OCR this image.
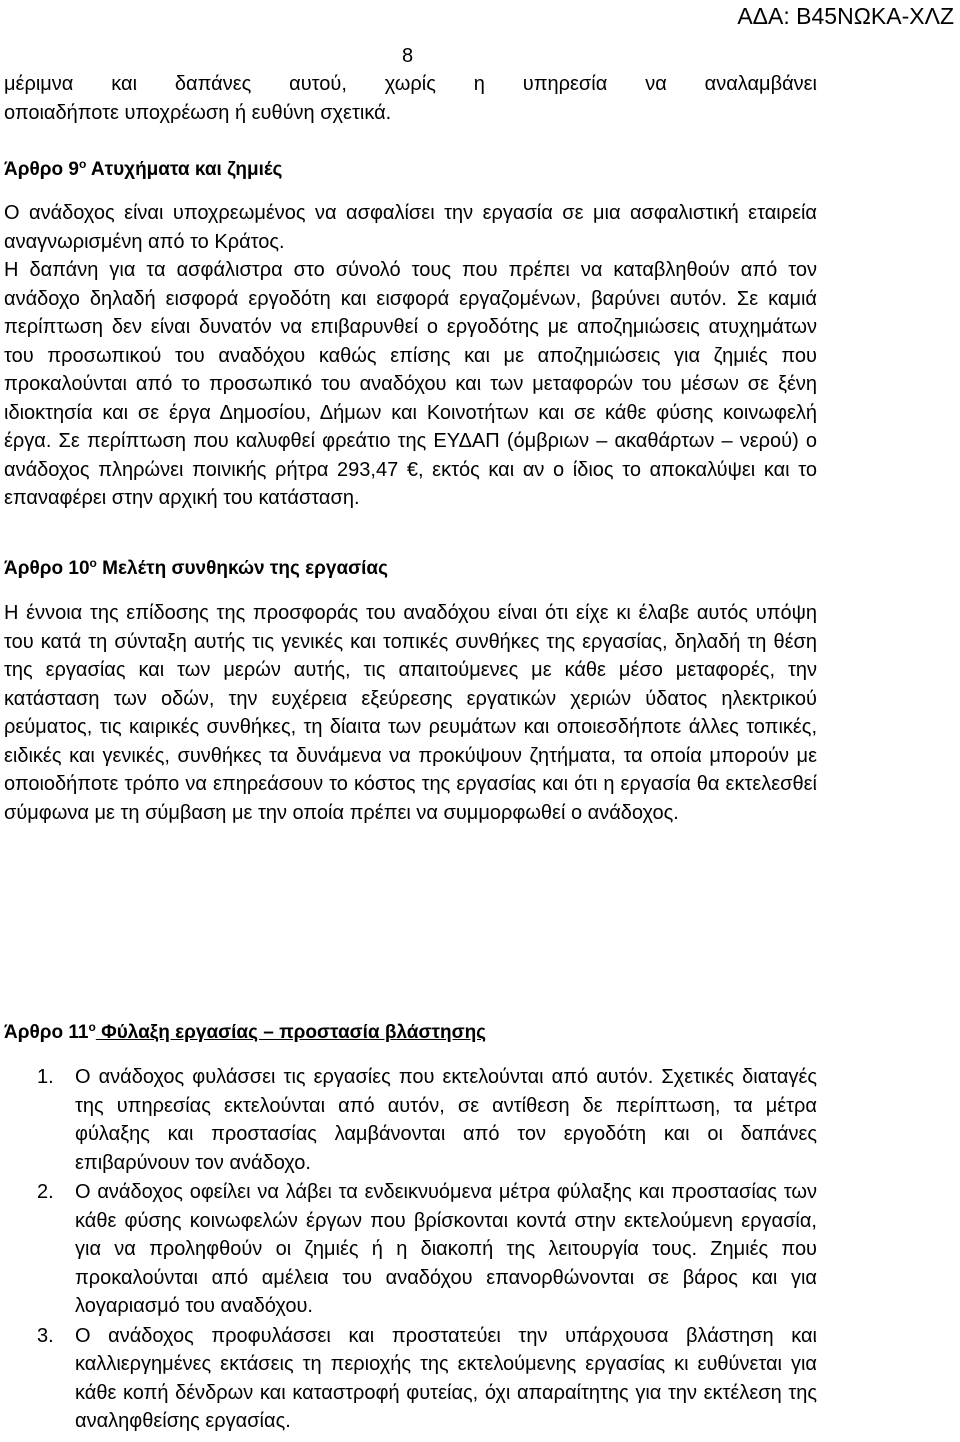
ΑΔΑ: Β45ΝΩΚΑ-ΧΛΖ
8
μέριμνα και δαπάνες αυτού, χωρίς η υπηρεσία να αναλαμβάνει
οποιαδήποτε υποχρέωση ή ευθύνη σχετικά.
Άρθρο $9^o$ Ατυχήματα και ζημιές
Ο ανάδοχος είναι υποχρεωμένος να ασφαλίσει την εργασία σε μια ασφαλιστική εταιρεία αναγνωρισμένη από το Κράτος.
Η δαπάνη για τα ασφάλιστρα στο σύνολό τους που πρέπει να καταβληθούν από τον ανάδοχο δηλαδή εισφορά εργοδότη και εισφορά εργαζομένων, βαρύνει αυτόν. Σε καμιά περίπτωση δεν είναι δυνατόν να επιβαρυνθεί ο εργοδότης με αποζημιώσεις ατυχημάτων του προσωπικού του αναδόχου καθώς επίσης και με αποζημιώσεις για ζημιές που προκαλούνται από το προσωπικό του αναδόχου και των μεταφορών του μέσων σε ξένη ιδιοκτησία και σε έργα Δημοσίου, Δήμων και Κοινοτήτων και σε κάθε φύσης κοινωφελή έργα. Σε περίπτωση που καλυφθεί φρεάτιο της ΕΥΔΑΠ (όμβριων – ακαθάρτων – νερού) ο ανάδοχος πληρώνει ποινικής ρήτρα 293,47 €, εκτός και αν ο ίδιος το αποκαλύψει και το επαναφέρει στην αρχική του κατάσταση.
Άρθρο $10^o$ Μελέτη συνθηκών της εργασίας
Η έννοια της επίδοσης της προσφοράς του αναδόχου είναι ότι είχε κι έλαβε αυτός υπόψη του κατά τη σύνταξη αυτής τις γενικές και τοπικές συνθήκες της εργασίας, δηλαδή τη θέση της εργασίας και των μερών αυτής, τις απαιτούμενες με κάθε μέσο μεταφορές, την κατάσταση των οδών, την ευχέρεια εξεύρεσης εργατικών χεριών ύδατος ηλεκτρικού ρεύματος, τις καιρικές συνθήκες, τη δίαιτα των ρευμάτων και οποιεσδήποτε άλλες τοπικές, ειδικές και γενικές, συνθήκες τα δυνάμενα να προκύψουν ζητήματα, τα οποία μπορούν με οποιοδήποτε τρόπο να επηρεάσουν το κόστος της εργασίας και ότι η εργασία θα εκτελεσθεί σύμφωνα με τη σύμβαση με την οποία πρέπει να συμμορφωθεί ο ανάδοχος.
Άρθρο $11^o$ Φύλαξη εργασίας – προστασία βλάστησης
1. Ο ανάδοχος φυλάσσει τις εργασίες που εκτελούνται από αυτόν. Σχετικές διαταγές της υπηρεσίας εκτελούνται από αυτόν, σε αντίθεση δε περίπτωση, τα μέτρα φύλαξης και προστασίας λαμβάνονται από τον εργοδότη και οι δαπάνες επιβαρύνουν τον ανάδοχο.
2. Ο ανάδοχος οφείλει να λάβει τα ενδεικνυόμενα μέτρα φύλαξης και προστασίας των κάθε φύσης κοινωφελών έργων που βρίσκονται κοντά στην εκτελούμενη εργασία, για να προληφθούν οι ζημιές ή η διακοπή της λειτουργία τους. Ζημιές που προκαλούνται από αμέλεια του αναδόχου επανορθώνονται σε βάρος και για λογαριασμό του αναδόχου.
3. Ο ανάδοχος προφυλάσσει και προστατεύει την υπάρχουσα βλάστηση και καλλιεργημένες εκτάσεις τη περιοχής της εκτελούμενης εργασίας κι ευθύνεται για κάθε κοπή δένδρων και καταστροφή φυτείας, όχι απαραίτητης για την εκτέλεση της αναληφθείσης εργασίας.
